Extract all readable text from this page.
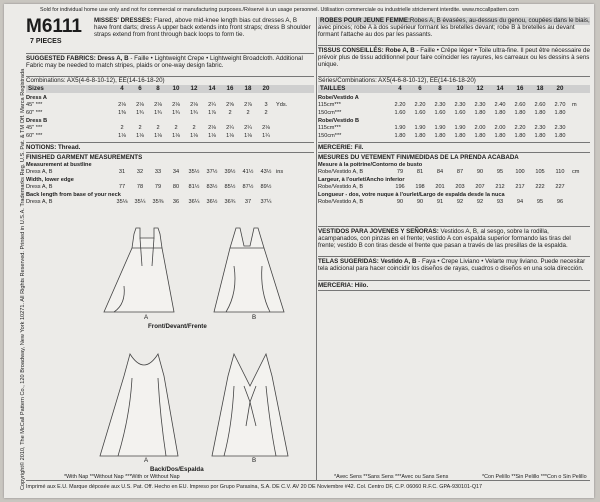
Sold for individual home use only and not for commercial or manufacturing purposes./Réservé à un usage personnel. Utilisation commerciale ou industrielle strictement interdite. www.mccallpattern.com
Copyright© 2010, The McCall Pattern Co., 120 Broadway, New York 10271. All Rights Reserved. Printed in U.S.A. Trademarks Reg. U.S. Pat. & TM Off. Marca Registrada
M6111
7 PIECES
MISSES' DRESSES: Flared, above mid-knee length bias cut dresses A, B have front darts; dress A upper back extends into front straps; dress B shoulder straps extend from front through back loops to form tie.
SUGGESTED FABRICS: Dress A, B - Faille • Lightweight Crepe • Lightweight Broadcloth. Additional Fabric may be needed to match stripes, plaids or one-way design fabric.
Combinations: AX5(4-6-8-10-12), EE(14-16-18-20)
Sizes	4	6	8	10	12	14	16	18	20
Dress A
45" ***	2⅛	2⅛	2⅛	2⅛	2⅛	2¼	2⅝	2⅞	3	Yds.
60" ***	1⅜	1¾	1¾	1¾	1¾	1⅞	2	2	2
Dress B
45" ***	2	2	2	2	2	2⅛	2¼	2¼	2⅛
60" ***	1⅛	1⅛	1⅛	1⅛	1⅛	1⅛	1⅛	1⅛	1¼
NOTIONS: Thread.
FINISHED GARMENT MEASUREMENTS
Measurement at bustline
Dress A, B	31	32	33	34	35½	37½	39½	41½	43½ ins
Width, lower edge
Dress A, B	77	78	79	80	81½	83½	85½	87½	89½
Back length from base of your neck
Dress A, B	35⅛	35¼	35⅜	36	36¼	36½	36¾	37	37¼
A	B
Front/Devant/Frente
A	B
Back/Dos/Espalda
ROBES POUR JEUNE FEMME: Robes A, B évasées, au-dessus du genou, coupées dans le biais, avec pinces; robe A à dos supérieur formant les bretelles devant; robe B à bretelles au devant formant l'attache au dos par les passants.
TISSUS CONSEILLÉS: Robe A, B - Faille • Crêpe léger • Toile ultra-fine. Il peut être nécessaire de prévoir plus de tissu additionnel pour faire coïncider les rayures, les carreaux ou les dessins à sens unique.
Séries/Combinations: AX5(4-6-8-10-12), EE(14-16-18-20)
TAILLES	4	6	8	10	12	14	16	18	20
Robe/Vestido A
115cm***	2.20	2.20	2.30	2.30	2.30	2.40	2.60	2.60	2.70	m
150cm***	1.60	1.60	1.60	1.60	1.80	1.80	1.80	1.80	1.80
Robe/Vestido B
115cm***	1.90	1.90	1.90	1.90	2.00	2.00	2.20	2.30	2.30
150cm***	1.80	1.80	1.80	1.80	1.80	1.80	1.80	1.80	1.80
MERCERIE: Fil.
MESURES DU VETEMENT FINI/MEDIDAS DE LA PRENDA ACABADA
Mesure à la poitrine/Contorno de busto
Robe/Vestido A, B	79	81	84	87	90	95	100	105	110	cm
Largeur, à l'ourlet/Ancho inferior
Robe/Vestido A, B	196	198	201	203	207	212	217	222	227
Longueur - dos, votre nuque à l'ourlet/Largo de espalda desde la nuca
Robe/Vestido A, B	90	90	91	92	92	93	94	95	96
VESTIDOS PARA JOVENES Y SEÑORAS: Vestidos A, B, al sesgo, sobre la rodilla, acampanados, con pinzas en el frente; vestido A con espalda superior formando las tiras del frente; vestido B con tiras desde el frente que pasan a través de las presillas de la espalda.
TELAS SUGERIDAS: Vestido A, B - Faya • Crepe Liviano • Velarte muy liviano. Puede necesitar tela adicional para hacer coincidir los diseños de rayas, cuadros o diseños en una sola dirección.
MERCERIA: Hilo.
*With Nap **Without Nap ***With or Without Nap	*Avec Sens **Sans Sens ***Avec ou Sans Sens	*Con Pelillo **Sin Pelillo ***Con o Sin Pelillo
Imprimé aux E.U. Marque déposée aux U.S. Pat. Off. Hecho en EU. Impreso por Grupo Parasina, S.A. DE C.V. AV 20 DE Noviembre #42. Col. Centro DF, C.P. 06060 R.F.C. GPA-930101-Q17
